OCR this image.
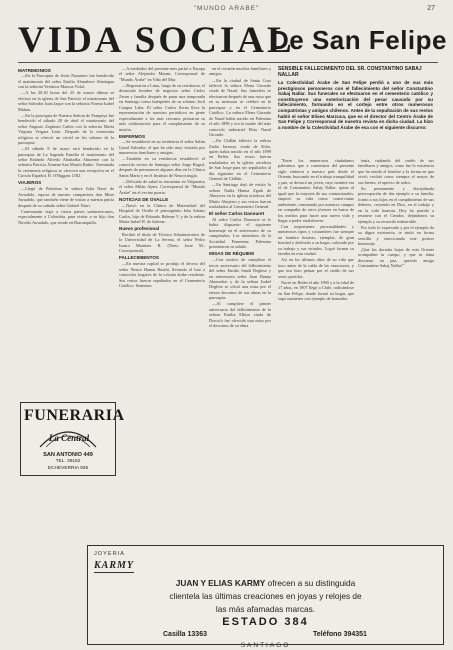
"MUNDO ARABE"	27
VIDA SOCIAL
De San Felipe
MATRIMONIOS

—En la Parroquia de Jesús Nazareno fue bendecido el matrimonio del señor Emilio Abumhere Abaitagua con la señorita Verónica Marzoa Vidal.

—A las 20.30 horas del 25 de marzo último se efectuó en la iglesia de San Patricio el matrimonio del señor Salvador Juan Jaque con la señorita Norma Isabel Mahan.

—En la parroquia de Nuestra Señora de Pompeya fue bendecido el sábado 28 de abril el matrimonio del señor Augusto Zeghouti Cañón con la señorita María Virginia Vergara León. Después de la ceremonia religiosa se ofreció un cóctel en los salones de la parroquia.

—El sábado 8 de mayo será bendecido en la parroquia de La Sagrada Familia el matrimonio del señor Rolando Alfredo Abuhadba Abuzeme con la señorita Patricia Ximena San Martín Rubio. Terminada la ceremonia religiosa se ofrecerá una recepción en el Círculo Español, B. O'Higgins 1582.

VIAJEROS

—Llegó de Palestina la señora Julia Nasri de Awuabdo, esposa de nuestro compatriota don Mitre Awuabdo, que también viene de visitar a nuestra patria después de su cuñado señor Gabriel Nasri.

Continuarán viaje a varios países sudamericanos, especialmente a Colombia, para visitar a su hijo don Nicolás Awuabdo, que reside en Barranquilla.

—A mediados del presente mes partió a Europa el señor Alejandro Masmi, Corresponsal de "Mundo Árabe" en Viña del Mar.

—Regresaron a Lima, luego de su residencia, el destacado hombre de negocios señor Carlos Zeran y familia después de pasar una temporada en Santiago como huéspedes de su sobrino Jacil Couque Laba. El señor Carlos Zeran lleva la representación de nuestros periódicos en gente especialmente a los más cercanos prestaron su más colaboración para el cumplimiento de su misión.

ENFERMOS

—Se restableció en su residencia el señor Salim Gazal Salvador, el que ha sido muy visitado por numerosos familiares y amigos.

—También en su residencia restableció el conocido vecino de Santiago señor Jorge Bugsil, después de permanecer algunos días en la Clínica Santa María y en el Instituto de Neurocirugía.

—Delicado de salud se encuentra en Valparaíso el señor Milán Ajnes, Corresponsal de "Mundo Árabe" en el vecino puerto.

NOTICIAS DE OVALLE

—Nació en la Clínica de Maternidad del Hospital de Ovalle el primogénito Isba Adonis Carlos, hijo de Eduardo Beleme V. y de la señora María Isabel H. de Saleme.

Nuevo profesional

Recibió el título de Técnico Administrativo de la Universidad de La Serena, el señor Pedro Isauro Martínez B. (Nieto Jorie M., Corresponsal).

FALLECIMIENTOS

—En nuestra capital se produjo el deceso del señor Nestor Hanna Ruizhi, llevando el luto a conocidos hogares de la colonia árabe residente. Sus restos fueron sepultados en el Cementerio Católico. Sentimos

en el corazón muchos familiares y amigos.

—En la ciudad de Santa Cruz falleció la señora Elena Girondo viuda de Nazal. Sus funerales se efectuaron después de una misa que en su memoria se celebró en la parroquia y en el Cementerio Católico. La señora Elena Girondo de Nazal había nacido en Palestina el año 1898 y era la madre del más conocido industrial Elías Nazal Girondo.

—En Chillán falleció la señora Zadia Jaraway viuda de Kiler, quien había nacido en el año 1899 en Belén. Sus restos fueron trasladados en la iglesia ortodoxa de San Jorge para ser sepultados al día siguiente en el Cementerio General de Chillán.

—En Santiago dejó de existir la señora Nadia Hanna Zgaib de Abuyeres en la iglesia ortodoxa del Mártir Abujeres y sus restos fueron trasladados al Cementerio General.

El señor Carlos Danouret

Al señor Carlos Danouret se le había dispuesto el siguiente homenaje en el aniversario de su cumpleaños. Los miembros de la Sociedad Femenina Palestina presentaron su saludo.

MISAS DE RÉQUIEM

—Con motivo de cumplirse el tercer aniversario del fallecimiento del señor Emilio Sandi Deglese y en aniversario señor Juan Hanna Abumohor y de la señora Isabel Deglese se ofició una misa por el eterno descanso de sus almas en la parroquia.

—Al cumplirse el primer aniversario del fallecimiento de la señora Emilia Elkim viuda de Dracich fue ofrecida una misa por el descanso de su alma.

SENSIBLE FALLECIMIENTO DEL SR. CONSTANTINO SABAJ NALLAR
La Colectividad Árabe de San Felipe perdió a uno de sus más prestigiosos personeros con el fallecimiento del señor Constantino Sabaj Nallar. Sus funerales se efectuaron en el cementerio católico y constituyeron una exteriorización del pesar causado por su fallecimiento, formando en el cortejo entre otros numerosos compatriotas y amigos chilenos. Antes de la sepultación de sus restos habló el señor Eliseo Marzuca, que es el director del Centro Árabe de San Felipe y Corresponsal de nuestra revista en dicha ciudad. La hizo a nombre de la Colectividad Árabe de esa con el siguiente discurso:

"Entre los numerosos ciudadanos palestinos que a comienzos del presente siglo vinieron a nuestro país desde el Oriente, buscando en el trabajo tranquilidad y paz, se destacó un joven, cuyo nombre era el de Constantino Sabaj Nallar, quien al igual que la mayoría de sus connacionales, empezó su vida como comerciante ambulante, caminando por nuestros campos en compañía de otros jóvenes en busca de los medios para hacer una nueva vida y llegar a poder establecerse.

Con importantes personalidades y numerosos tipos y costumbres fue siempre un hombre honesto, ejemplar, de gran bondad y dedicado a su hogar, valorado por su trabajo y sus virtudes. Logró formar su familia en esta ciudad.

Así en los últimos años de su vida que tuvo antes de la caída de las emociones, y que nos hizo pensar por el cariño de sus seres queridos.

Nació en Belén el año 1890 y a la edad de 17 años, en 1907 llegó a Chile, radicándose en San Felipe, donde formó su hogar, que supo mantener con ejemplo de honradez.

tenía, cuidando del cariño de sus familiares y amigos, como fue la existencia que ha tenido el hombre y la forma en que vivió; recibió como siempre el mayor de sus bienes, el aprecio de todos.

Su permanente y disciplinada preocupación de dar ejemplo a su familia, formó a sus hijos en el cumplimiento de sus deberes, creyendo en Dios, en el trabajo y en la vida honesta. Hoy ha partido a reunirse con el Creador, dejándonos su ejemplo y su recuerdo imborrable.

Por todo lo expresado y por el ejemplo de su digna existencia, te rindo en forma sencilla y emocionada este postrer homenaje.

¡Que las doradas hojas de esta Oriente acompañen tu cuerpo, y que tu alma descanse en paz, querido amigo Constantino Sabaj Nallar!"

FUNERARIA
La Central
SAN ANTONIO 449
TEL. 39162
ECHEVERRIA 935
JOYERIA
KARMY
JUAN Y ELIAS KARMY ofrecen a su distinguida
clientela las últimas creaciones en joyas y relojes de
las más afamadas marcas.
ESTADO 384
Casilla 13363	Teléfono 394351
SANTIAGO
